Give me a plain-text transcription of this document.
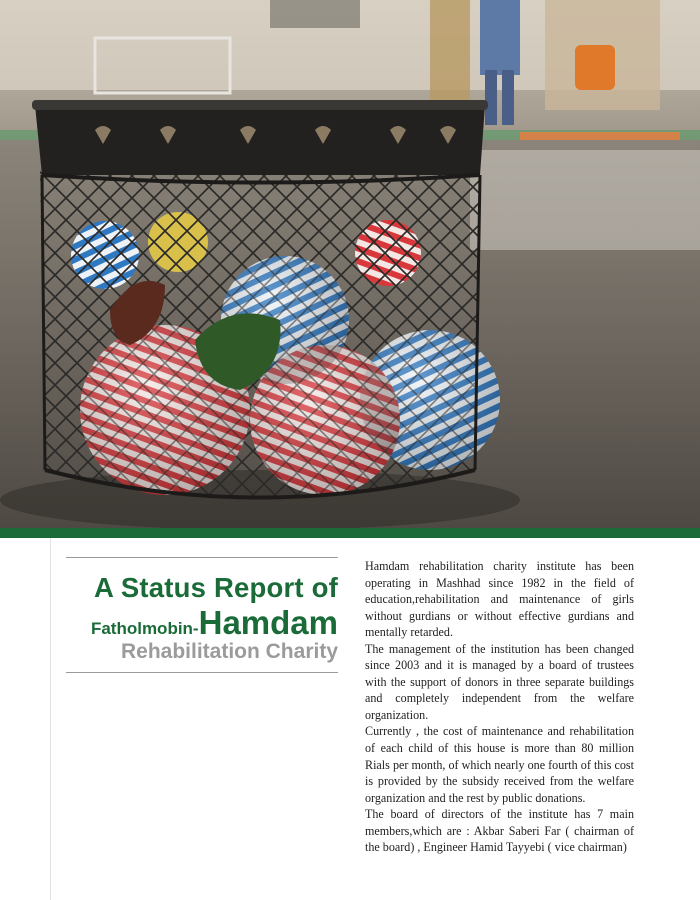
A Status Report of
Fatholmobin-Hamdam
Rehabilitation Charity

Hamdam rehabilitation charity institute has been operating in Mashhad since 1982 in the field of education,rehabilitation and maintenance of girls without gurdians or without effective gurdians and mentally retarded.

The management of the institution has been changed since 2003 and it is managed by a board of trustees with the support of donors in three separate buildings and completely independent from the welfare organization.

Currently , the cost of maintenance and rehabilitation of each child of this house is more than 80 million Rials per month, of which nearly one fourth of this cost is provided by the subsidy received from the welfare organization and the rest by public donations.

The board of directors of the institute has 7 main members,which are : Akbar Saberi Far ( chairman of the board) , Engineer Hamid Tayyebi ( vice chairman)
